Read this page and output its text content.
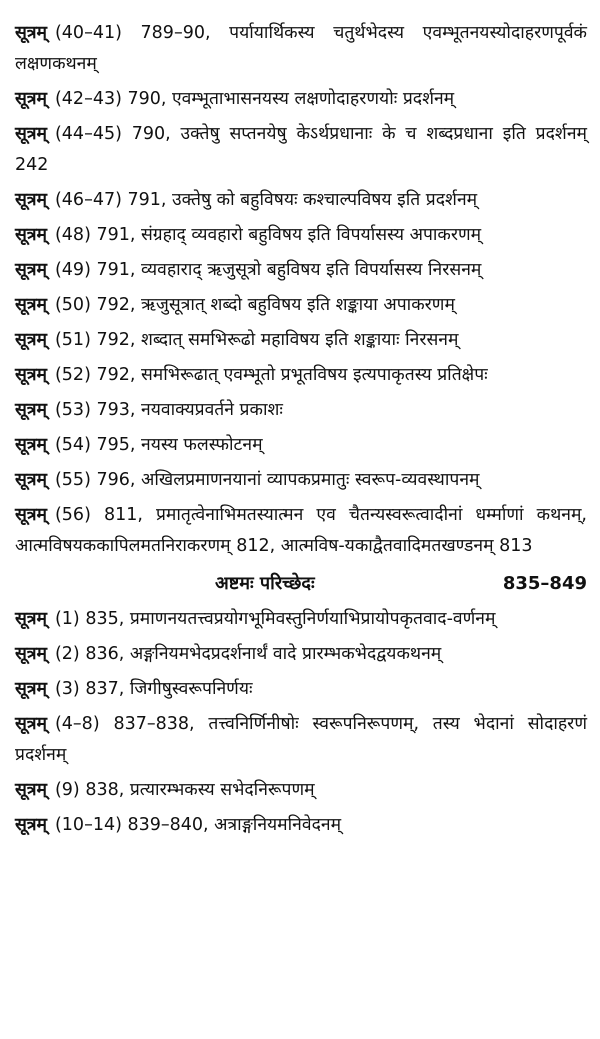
सूत्रम् (40–41) 789–90, पर्यायार्थिकस्य चतुर्थभेदस्य एवम्भूतनयस्योदाहरणपूर्वकं लक्षणकथनम्

सूत्रम् (42–43) 790, एवम्भूताभासनयस्य लक्षणोदाहरणयोः प्रदर्शनम्

सूत्रम् (44–45) 790, उक्तेषु सप्तनयेषु केऽर्थप्रधानाः के च शब्दप्रधाना इति प्रदर्शनम् 242

सूत्रम् (46–47) 791, उक्तेषु को बहुविषयः कश्चाल्पविषय इति प्रदर्शनम्

सूत्रम् (48) 791, संग्रहाद् व्यवहारो बहुविषय इति विपर्यासस्य अपाकरणम्

सूत्रम् (49) 791, व्यवहाराद् ऋजुसूत्रो बहुविषय इति विपर्यासस्य निरसनम्

सूत्रम् (50) 792, ऋजुसूत्रात् शब्दो बहुविषय इति शङ्काया अपाकरणम्

सूत्रम् (51) 792, शब्दात् समभिरूढो महाविषय इति शङ्कायाः निरसनम्

सूत्रम् (52) 792, समभिरूढात् एवम्भूतो प्रभूतविषय इत्यपाकृतस्य प्रतिक्षेपः

सूत्रम् (53) 793, नयवाक्यप्रवर्तने प्रकाशः

सूत्रम् (54) 795, नयस्य फलस्फोटनम्

सूत्रम् (55) 796, अखिलप्रमाणनयानां व्यापकप्रमातुः स्वरूप-व्यवस्थापनम्

सूत्रम् (56) 811, प्रमातृत्वेनाभिमतस्यात्मन एव चैतन्यस्वरूत्वादीनां धर्म्माणां कथनम्, आत्मविषयककापिलमतनिराकरणम् 812, आत्मविष-यकाद्वैतवादिमतखण्डनम् 813

अष्टमः परिच्छेदः	835–849

सूत्रम् (1) 835, प्रमाणनयतत्त्वप्रयोगभूमिवस्तुनिर्णयाभिप्रायोपकृतवाद-वर्णनम्

सूत्रम् (2) 836, अङ्गनियमभेदप्रदर्शनार्थं वादे प्रारम्भकभेदद्वयकथनम्

सूत्रम् (3) 837, जिगीषुस्वरूपनिर्णयः

सूत्रम् (4–8) 837–838, तत्त्वनिर्णिनीषोः स्वरूपनिरूपणम्, तस्य भेदानां सोदाहरणं प्रदर्शनम्

सूत्रम् (9) 838, प्रत्यारम्भकस्य सभेदनिरूपणम्

सूत्रम् (10–14) 839–840, अत्राङ्गनियमनिवेदनम्
